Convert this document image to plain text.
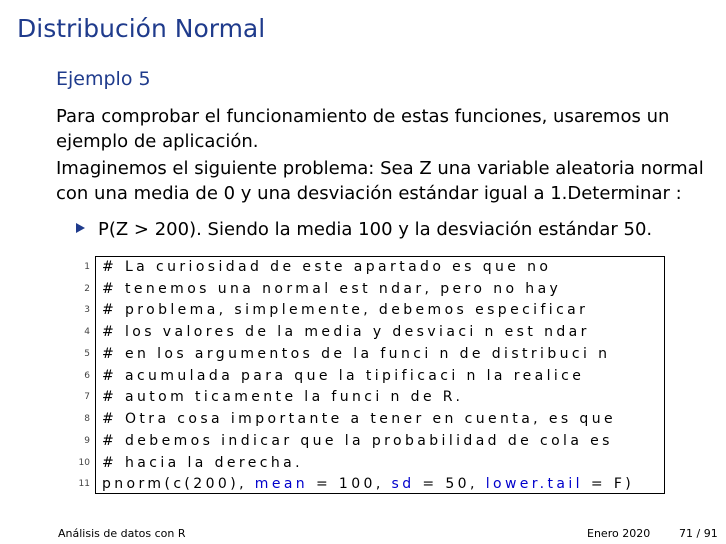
Distribución Normal
Ejemplo 5
Para comprobar el funcionamiento de estas funciones, usaremos un
ejemplo de aplicación.
Imaginemos el siguiente problema: Sea Z una variable aleatoria normal
con una media de 0 y una desviación estándar igual a 1.Determinar :
P(Z > 200). Siendo la media 100 y la desviación estándar 50.
1 # La curiosidad de este apartado es que no
2 # tenemos una normal est ndar, pero no hay
3 # problema, simplemente, debemos especificar
4 # los valores de la media y desviaci n est ndar
5 # en los argumentos de la funci n de distribuci n
6 # acumulada para que la tipificaci n la realice
7 # autom ticamente la funci n de R.
8 # Otra cosa importante a tener en cuenta, es que
9 # debemos indicar que la probabilidad de cola es
10 # hacia la derecha.
11 pnorm(c(200), mean = 100, sd = 50, lower.tail = F)
Análisis de datos con R	Enero 2020	71 / 91
